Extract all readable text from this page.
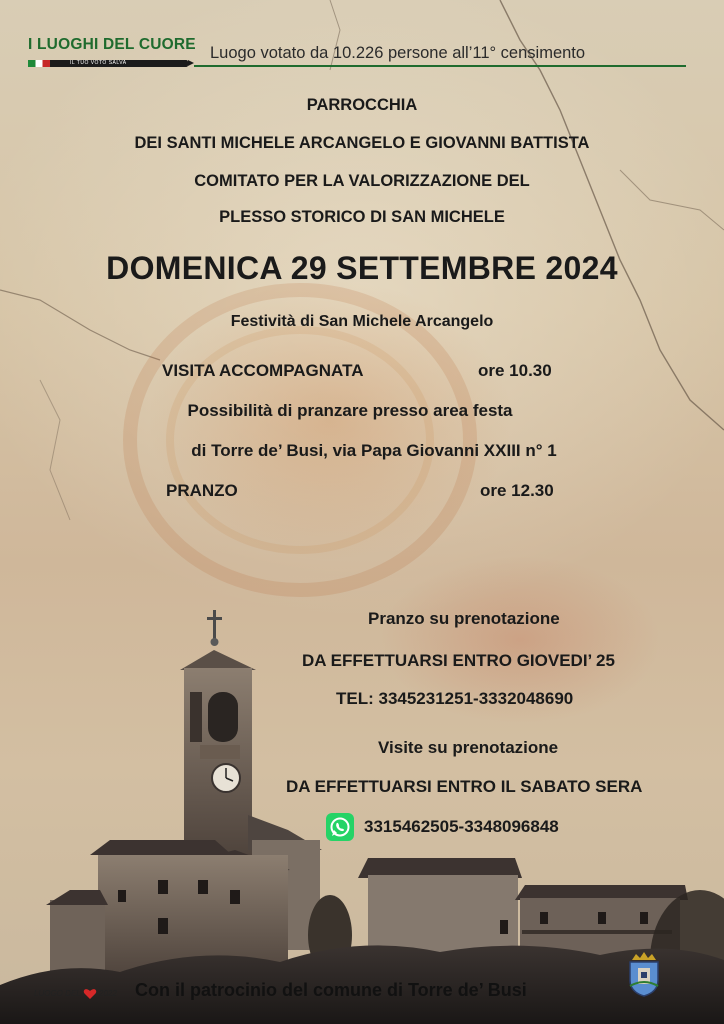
I LUOGHI DEL CUORE
IL TUO VOTO SALVA
Luogo votato da 10.226 persone all’11° censimento
PARROCCHIA
DEI SANTI MICHELE ARCANGELO E GIOVANNI BATTISTA
COMITATO PER LA VALORIZZAZIONE DEL
PLESSO STORICO DI SAN MICHELE
DOMENICA 29 SETTEMBRE 2024
Festività di San Michele Arcangelo
VISITA ACCOMPAGNATA	ore 10.30
Possibilità di pranzare presso area festa
di Torre de’ Busi, via Papa Giovanni XXIII n° 1
PRANZO	ore 12.30
Pranzo su prenotazione
DA EFFETTUARSI ENTRO GIOVEDI’ 25
TEL: 3345231251-3332048690
Visite su prenotazione
DA EFFETTUARSI ENTRO IL SABATO SERA
3315462505-3348096848
LUOGO DEL 2022 Con il patrocinio del comune di Torre de’ Busi
